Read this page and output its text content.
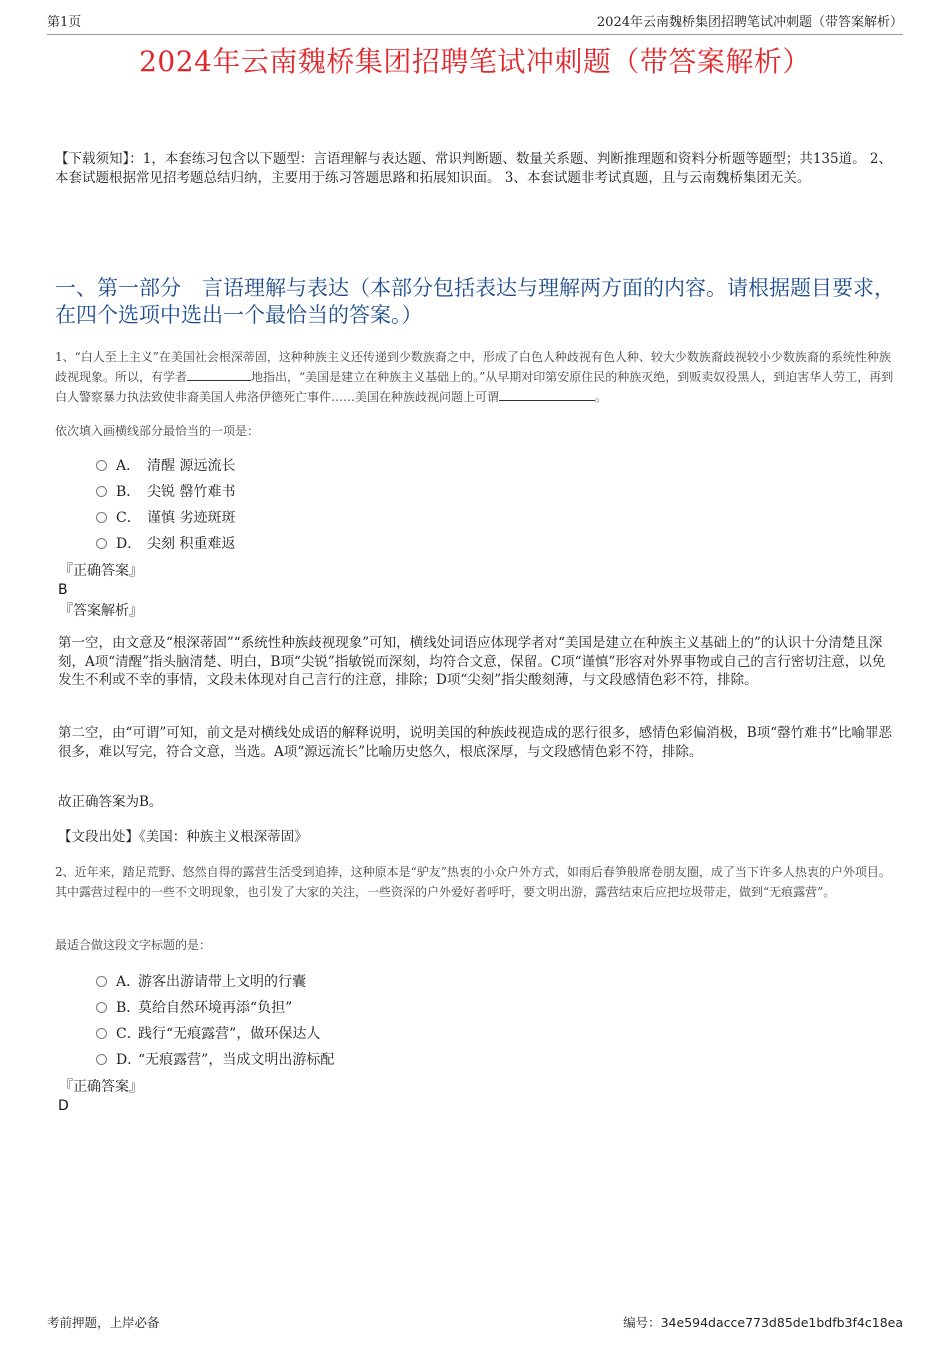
第1页	2024年云南魏桥集团招聘笔试冲刺题（带答案解析）
2024年云南魏桥集团招聘笔试冲刺题（带答案解析）
【下载须知】：1，本套练习包含以下题型：言语理解与表达题、常识判断题、数量关系题、判断推理题和资料分析题等题型；共135道。 2、本套试题根据常见招考题总结归纳，主要用于练习答题思路和拓展知识面。 3、本套试题非考试真题，且与云南魏桥集团无关。
一、第一部分　言语理解与表达（本部分包括表达与理解两方面的内容。请根据题目要求，在四个选项中选出一个最恰当的答案。）
1、“白人至上主义”在美国社会根深蒂固，这种种族主义还传递到少数族裔之中，形成了白色人种歧视有色人种、较大少数族裔歧视较小少数族裔的系统性种族歧视现象。所以，有学者	地指出，“美国是建立在种族主义基础上的。”从早期对印第安原住民的种族灭绝，到贩卖奴役黑人，到迫害华人劳工，再到白人警察暴力执法致使非裔美国人弗洛伊德死亡事件……美国在种族歧视问题上可谓	。
依次填入画横线部分最恰当的一项是：
A． 清醒 源远流长
B． 尖锐 罄竹难书
C． 谨慎 劣迹斑斑
D． 尖刻 积重难返
『正确答案』
B
『答案解析』
第一空，由文意及“根深蒂固”“系统性种族歧视现象”可知，横线处词语应体现学者对“美国是建立在种族主义基础上的”的认识十分清楚且深刻，A项“清醒”指头脑清楚、明白，B项“尖锐”指敏锐而深刻，均符合文意，保留。C项“谨慎”形容对外界事物或自己的言行密切注意，以免发生不利或不幸的事情，文段未体现对自己言行的注意，排除；D项“尖刻”指尖酸刻薄，与文段感情色彩不符，排除。
第二空，由“可谓”可知，前文是对横线处成语的解释说明，说明美国的种族歧视造成的恶行很多，感情色彩偏消极，B项“罄竹难书”比喻罪恶很多，难以写完，符合文意，当选。A项“源远流长”比喻历史悠久，根底深厚，与文段感情色彩不符，排除。
故正确答案为B。
【文段出处】《美国：种族主义根深蒂固》
2、近年来，踏足荒野、悠然自得的露营生活受到追捧，这种原本是“驴友”热衷的小众户外方式，如雨后春笋般席卷朋友圈，成了当下许多人热衷的户外项目。其中露营过程中的一些不文明现象，也引发了大家的关注，一些资深的户外爱好者呼吁，要文明出游，露营结束后应把垃圾带走，做到“无痕露营”。
最适合做这段文字标题的是：
A．游客出游请带上文明的行囊
B．莫给自然环境再添“负担”
C．践行“无痕露营”，做环保达人
D．“无痕露营”，当成文明出游标配
『正确答案』
D
考前押题，上岸必备	编号：34e594dacce773d85de1bdfb3f4c18ea
